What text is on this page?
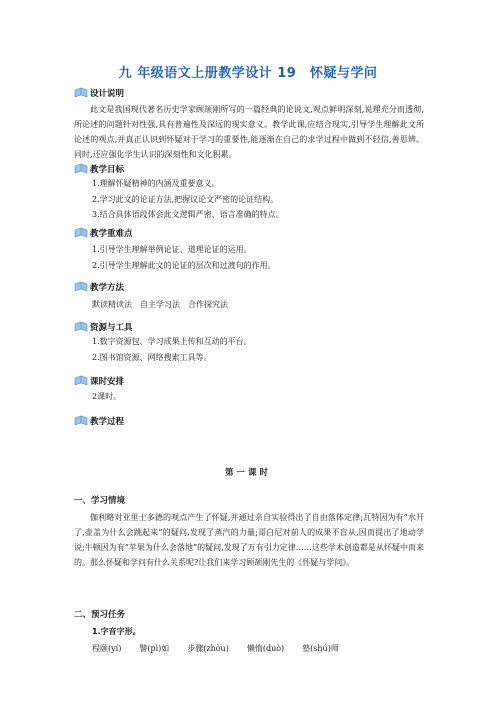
九 年级语文上册教学设计 19　怀疑与学问
设计说明

此文是我国现代著名历史学家顾颉刚所写的一篇经典的论说文,观点鲜明深刻,说理充分而透彻,所论述的问题针对性强,具有普遍性及深远的现实意义。教学此课,应结合现实,引导学生理解此文所论述的观点,并真正认识到怀疑对于学习的重要性,能逐渐在自己的求学过程中做到不轻信,善思辨。同时,还应强化学生认识的深刻性和文化积累。

教学目标
1.理解怀疑精神的内涵及重要意义。
2.学习此文的论证方法,把握议论文严密的论证结构。
3.结合具体语段体会此文逻辑严密、语言准确的特点。
教学重难点
1.引导学生理解举例论证、道理论证的运用。
2.引导学生理解此文的论证的层次和过渡句的作用。
教学方法

默读精读法　自主学习法　合作探究法

资源与工具
1.数字资源包、学习成果上传和互动的平台。
2.图书馆资源、网络搜索工具等。
课时安排

2课时。

教学过程

第一课时

一、学习情境

伽利略对亚里士多德的观点产生了怀疑,并通过亲自实验得出了自由落体定律;瓦特因为有“水开了,壶盖为什么会跳起来”的疑问,发现了蒸汽的力量;哥白尼对前人的成果不盲从,因而提出了地动学说;牛顿因为有“苹果为什么会落地”的疑问,发现了万有引力定律……这些学术创造都是从怀疑中而来的。那么怀疑和学问有什么关系呢?让我们来学习顾颉刚先生的《怀疑与学问》。

二、预习任务

1.字音字形。

程颐(yí) 譬(pì)如 步骤(zhòu) 懒惰(duò) 塾(shú)师
